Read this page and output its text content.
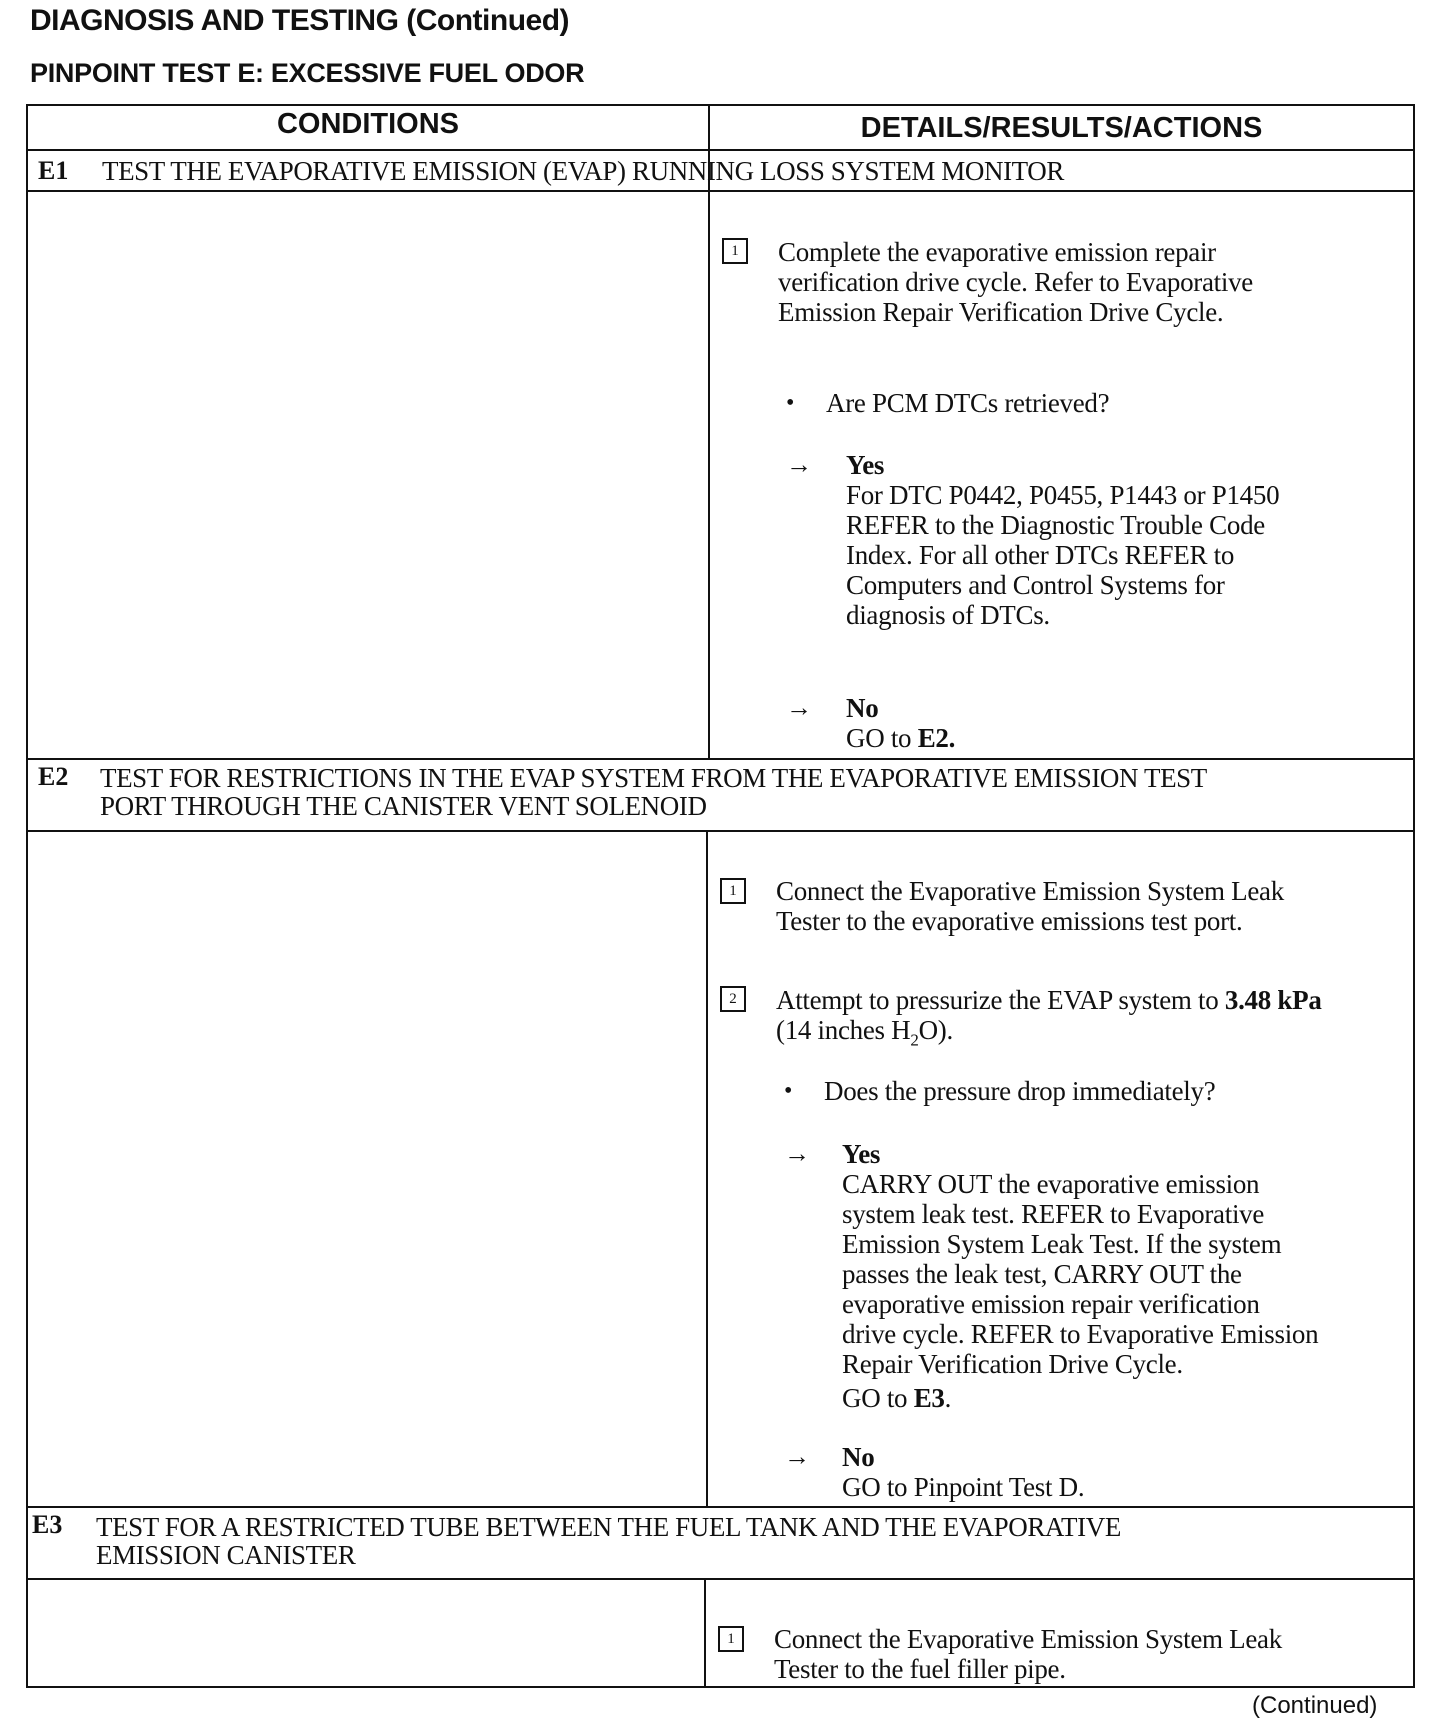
DIAGNOSIS AND TESTING (Continued)
PINPOINT TEST E: EXCESSIVE FUEL ODOR
CONDITIONS	DETAILS/RESULTS/ACTIONS
E1 TEST THE EVAPORATIVE EMISSION (EVAP) RUNNING LOSS SYSTEM MONITOR
1	Complete the evaporative emission repair
verification drive cycle. Refer to Evaporative
Emission Repair Verification Drive Cycle.
• Are PCM DTCs retrieved?
→ Yes
For DTC P0442, P0455, P1443 or P1450
REFER to the Diagnostic Trouble Code
Index. For all other DTCs REFER to
Computers and Control Systems for
diagnosis of DTCs.
→ No
GO to E2.
E2 TEST FOR RESTRICTIONS IN THE EVAP SYSTEM FROM THE EVAPORATIVE EMISSION TEST
PORT THROUGH THE CANISTER VENT SOLENOID
1	Connect the Evaporative Emission System Leak
Tester to the evaporative emissions test port.
2	Attempt to pressurize the EVAP system to 3.48 kPa
(14 inches $H_2O$).
• Does the pressure drop immediately?
→ Yes
CARRY OUT the evaporative emission
system leak test. REFER to Evaporative
Emission System Leak Test. If the system
passes the leak test, CARRY OUT the
evaporative emission repair verification
drive cycle. REFER to Evaporative Emission
Repair Verification Drive Cycle.
GO to E3.
→ No
GO to Pinpoint Test D.
E3 TEST FOR A RESTRICTED TUBE BETWEEN THE FUEL TANK AND THE EVAPORATIVE
EMISSION CANISTER
1	Connect the Evaporative Emission System Leak
Tester to the fuel filler pipe.
(Continued)
